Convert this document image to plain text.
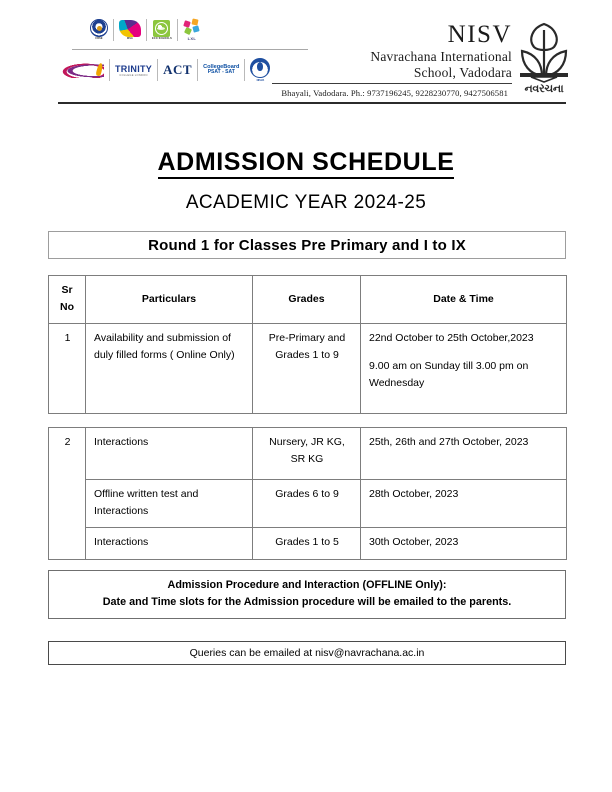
CBSE	MSA	ECO SCHOOLS	LXL
TRINITY
COLLEGE LONDON	ACT CollegeBoard
PSAT - SAT
NISVA
NISV
Navrachana International
School, Vadodara
Bhayali, Vadodara. Ph.: 9737196245, 9228230770, 9427506581	નવરચના
ADMISSION SCHEDULE
ACADEMIC YEAR 2024-25
Round 1 for Classes Pre Primary and I to IX
Sr
No	Particulars	Grades	Date & Time
1	Availability and submission of duly filled forms ( Online Only)	Pre-Primary and Grades 1 to 9	22nd October to 25th October,2023
9.00 am on Sunday till 3.00 pm on Wednesday
2	Interactions	Nursery, JR KG, SR KG	25th, 26th and 27th October, 2023
	Offline written test and Interactions	Grades 6 to 9	28th October, 2023
	Interactions	Grades 1 to 5	30th October, 2023
Admission Procedure and Interaction (OFFLINE Only):
Date and Time slots for the Admission procedure will be emailed to the parents.
Queries can be emailed at nisv@navrachana.ac.in
